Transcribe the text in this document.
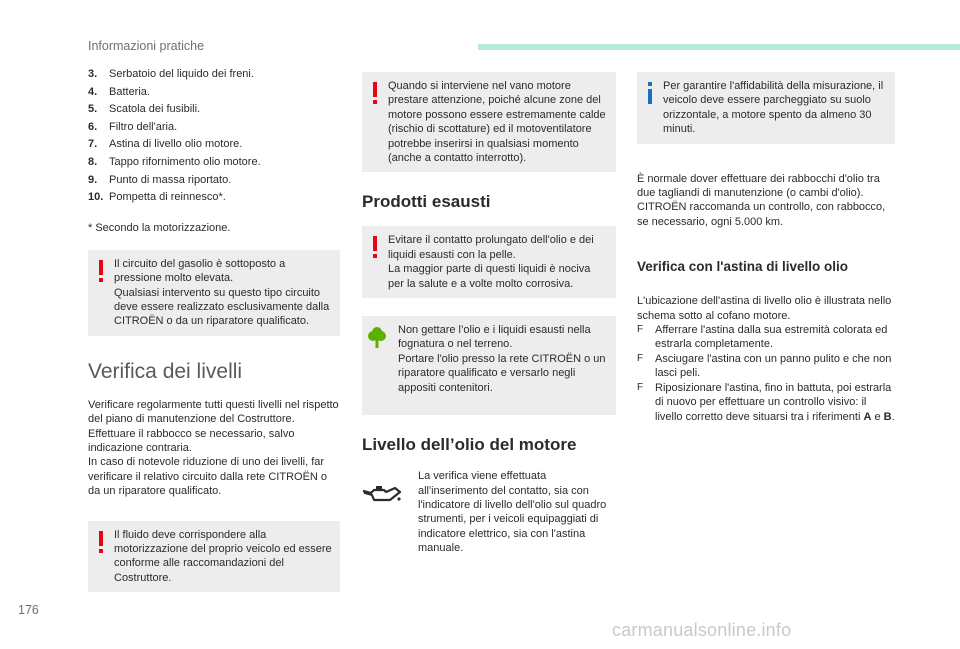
Informazioni pratiche
3.	Serbatoio del liquido dei freni.
4.	Batteria.
5.	Scatola dei fusibili.
6.	Filtro dell'aria.
7.	Astina di livello olio motore.
8.	Tappo rifornimento olio motore.
9.	Punto di massa riportato.
10. Pompetta di reinnesco*.
* Secondo la motorizzazione.

Il circuito del gasolio è sottoposto a pressione molto elevata.

Qualsiasi intervento su questo tipo circuito deve essere realizzato esclusivamente dalla CITROËN o da un riparatore qualificato.

Verifica dei livelli

Verificare regolarmente tutti questi livelli nel rispetto del piano di manutenzione del Costruttore. Effettuare il rabbocco se necessario, salvo indicazione contraria.

In caso di notevole riduzione di uno dei livelli, far verificare il relativo circuito dalla rete CITROËN o da un riparatore qualificato.

Il fluido deve corrispondere alla motorizzazione del proprio veicolo ed essere conforme alle raccomandazioni del Costruttore.

Quando si interviene nel vano motore prestare attenzione, poiché alcune zone del motore possono essere estremamente calde (rischio di scottature) ed il motoventilatore potrebbe inserirsi in qualsiasi momento (anche a contatto interrotto).

Prodotti esausti

Evitare il contatto prolungato dell'olio e dei liquidi esausti con la pelle.

La maggior parte di questi liquidi è nociva per la salute e a volte molto corrosiva.

Non gettare l’olio e i liquidi esausti nella fognatura o nel terreno.

Portare l'olio presso la rete CITROËN o un riparatore qualificato e versarlo negli appositi contenitori.

Livello dell’olio del motore

La verifica viene effettuata all'inserimento del contatto, sia con l'indicatore di livello dell'olio sul quadro strumenti, per i veicoli equipaggiati di indicatore elettrico, sia con l'astina manuale.

Per garantire l'affidabilità della misurazione, il veicolo deve essere parcheggiato su suolo orizzontale, a motore spento da almeno 30 minuti.

È normale dover effettuare dei rabbocchi d'olio tra due tagliandi di manutenzione (o cambi d'olio). CITROËN raccomanda un controllo, con rabbocco, se necessario, ogni 5.000 km.

Verifica con l'astina di livello olio

L'ubicazione dell'astina di livello olio è illustrata nello schema sotto al cofano motore.

F Afferrare l'astina dalla sua estremità colorata ed estrarla completamente.
F Asciugare l'astina con un panno pulito e che non lasci peli.
F Riposizionare l'astina, fino in battuta, poi estrarla di nuovo per effettuare un controllo visivo: il livello corretto deve situarsi tra i riferimenti A e B.
176
carmanualsonline.info
